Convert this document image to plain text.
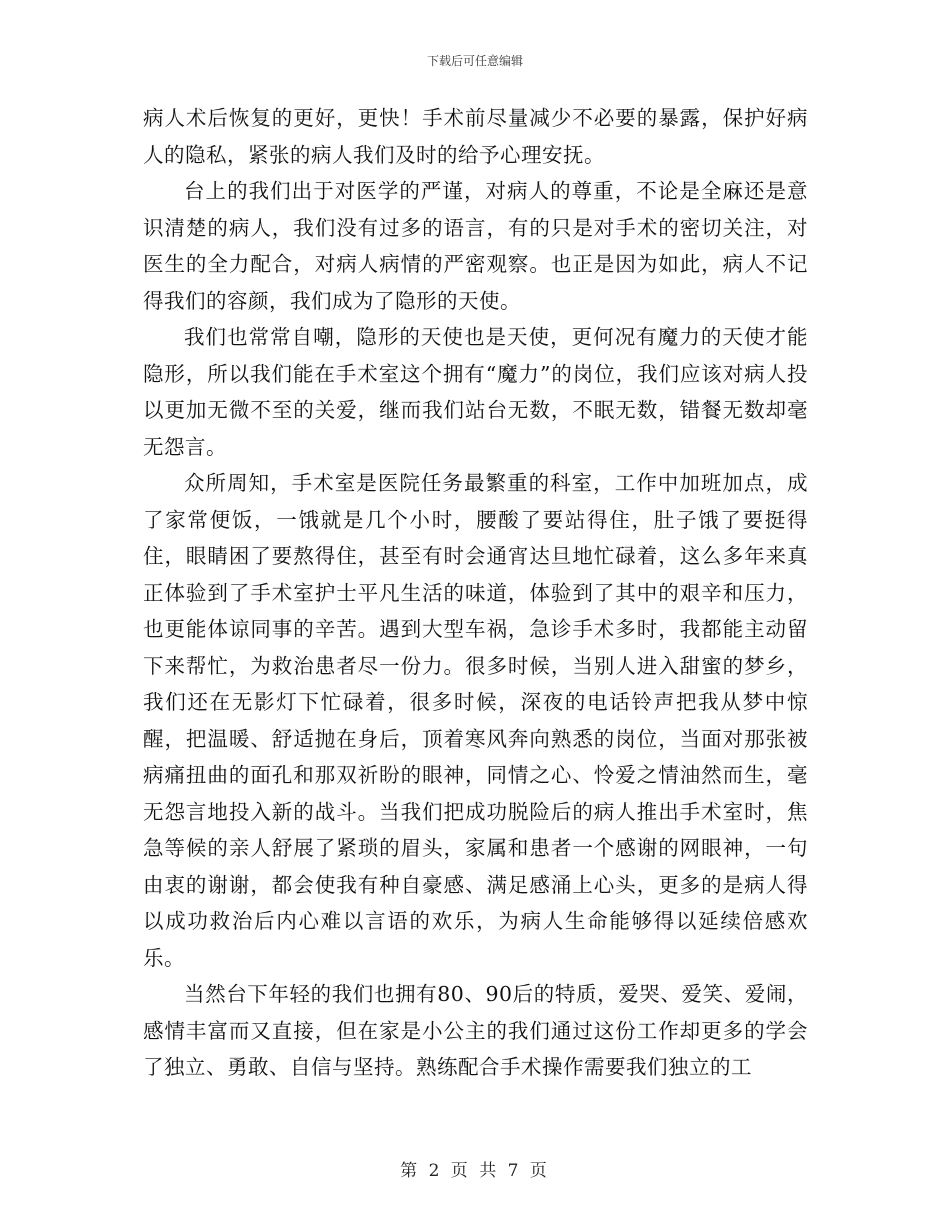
下载后可任意编辑

病人术后恢复的更好，更快！手术前尽量减少不必要的暴露，保护好病人的隐私，紧张的病人我们及时的给予心理安抚。

台上的我们出于对医学的严谨，对病人的尊重，不论是全麻还是意识清楚的病人，我们没有过多的语言，有的只是对手术的密切关注，对医生的全力配合，对病人病情的严密观察。也正是因为如此，病人不记得我们的容颜，我们成为了隐形的天使。

我们也常常自嘲，隐形的天使也是天使，更何况有魔力的天使才能隐形，所以我们能在手术室这个拥有“魔力”的岗位，我们应该对病人投以更加无微不至的关爱，继而我们站台无数，不眠无数，错餐无数却毫无怨言。

众所周知，手术室是医院任务最繁重的科室，工作中加班加点，成了家常便饭，一饿就是几个小时，腰酸了要站得住，肚子饿了要挺得住，眼睛困了要熬得住，甚至有时会通宵达旦地忙碌着，这么多年来真正体验到了手术室护士平凡生活的味道，体验到了其中的艰辛和压力，也更能体谅同事的辛苦。遇到大型车祸，急诊手术多时，我都能主动留下来帮忙，为救治患者尽一份力。很多时候，当别人进入甜蜜的梦乡，我们还在无影灯下忙碌着，很多时候，深夜的电话铃声把我从梦中惊醒，把温暖、舒适抛在身后，顶着寒风奔向熟悉的岗位，当面对那张被病痛扭曲的面孔和那双祈盼的眼神，同情之心、怜爱之情油然而生，毫无怨言地投入新的战斗。当我们把成功脱险后的病人推出手术室时，焦急等候的亲人舒展了紧琐的眉头，家属和患者一个感谢的网眼神，一句由衷的谢谢，都会使我有种自豪感、满足感涌上心头，更多的是病人得以成功救治后内心难以言语的欢乐，为病人生命能够得以延续倍感欢乐。

当然台下年轻的我们也拥有80、90后的特质，爱哭、爱笑、爱闹，感情丰富而又直接，但在家是小公主的我们通过这份工作却更多的学会了独立、勇敢、自信与坚持。熟练配合手术操作需要我们独立的工

第 2 页 共 7 页
